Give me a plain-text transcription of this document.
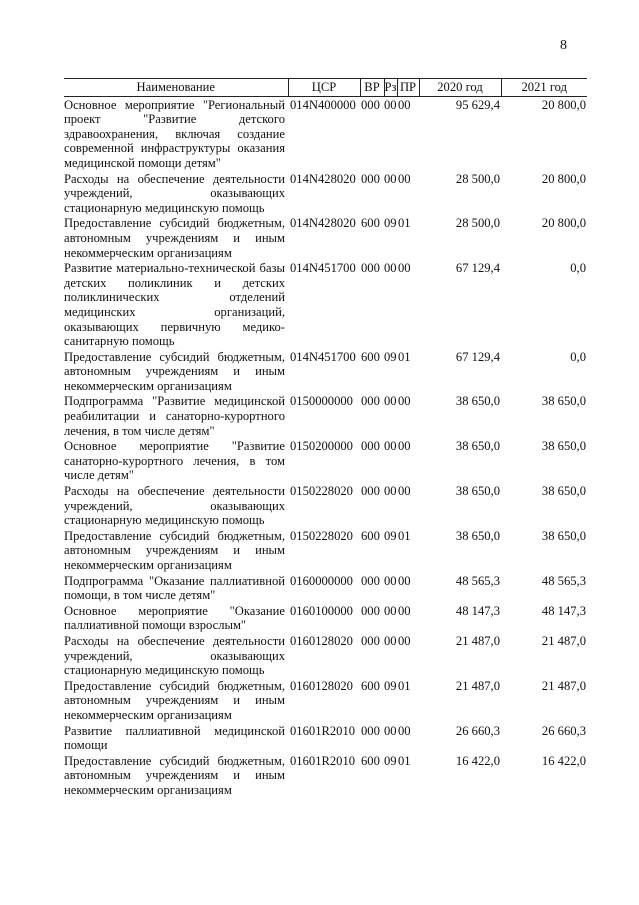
8
Наименование	ЦСР	ВР	Рз	ПР	2020 год	2021 год
Основное мероприятие "Региональный проект "Развитие детского здравоохранения, включая создание современной инфраструктуры оказания медицинской помощи детям"	014N400000	000	00	00	95 629,4	20 800,0
Расходы на обеспечение деятельности учреждений, оказывающих стационарную медицинскую помощь	014N428020	000	00	00	28 500,0	20 800,0
Предоставление субсидий бюджетным, автономным учреждениям и иным некоммерческим организациям	014N428020	600	09	01	28 500,0	20 800,0
Развитие материально-технической базы детских поликлиник и детских поликлинических отделений медицинских организаций, оказывающих первичную медико-санитарную помощь	014N451700	000	00	00	67 129,4	0,0
Предоставление субсидий бюджетным, автономным учреждениям и иным некоммерческим организациям	014N451700	600	09	01	67 129,4	0,0
Подпрограмма "Развитие медицинской реабилитации и санаторно-курортного лечения, в том числе детям"	0150000000	000	00	00	38 650,0	38 650,0
Основное мероприятие "Развитие санаторно-курортного лечения, в том числе детям"	0150200000	000	00	00	38 650,0	38 650,0
Расходы на обеспечение деятельности учреждений, оказывающих стационарную медицинскую помощь	0150228020	000	00	00	38 650,0	38 650,0
Предоставление субсидий бюджетным, автономным учреждениям и иным некоммерческим организациям	0150228020	600	09	01	38 650,0	38 650,0
Подпрограмма "Оказание паллиативной помощи, в том числе детям"	0160000000	000	00	00	48 565,3	48 565,3
Основное мероприятие "Оказание паллиативной помощи взрослым"	0160100000	000	00	00	48 147,3	48 147,3
Расходы на обеспечение деятельности учреждений, оказывающих стационарную медицинскую помощь	0160128020	000	00	00	21 487,0	21 487,0
Предоставление субсидий бюджетным, автономным учреждениям и иным некоммерческим организациям	0160128020	600	09	01	21 487,0	21 487,0
Развитие паллиативной медицинской помощи	01601R2010	000	00	00	26 660,3	26 660,3
Предоставление субсидий бюджетным, автономным учреждениям и иным некоммерческим организациям	01601R2010	600	09	01	16 422,0	16 422,0
